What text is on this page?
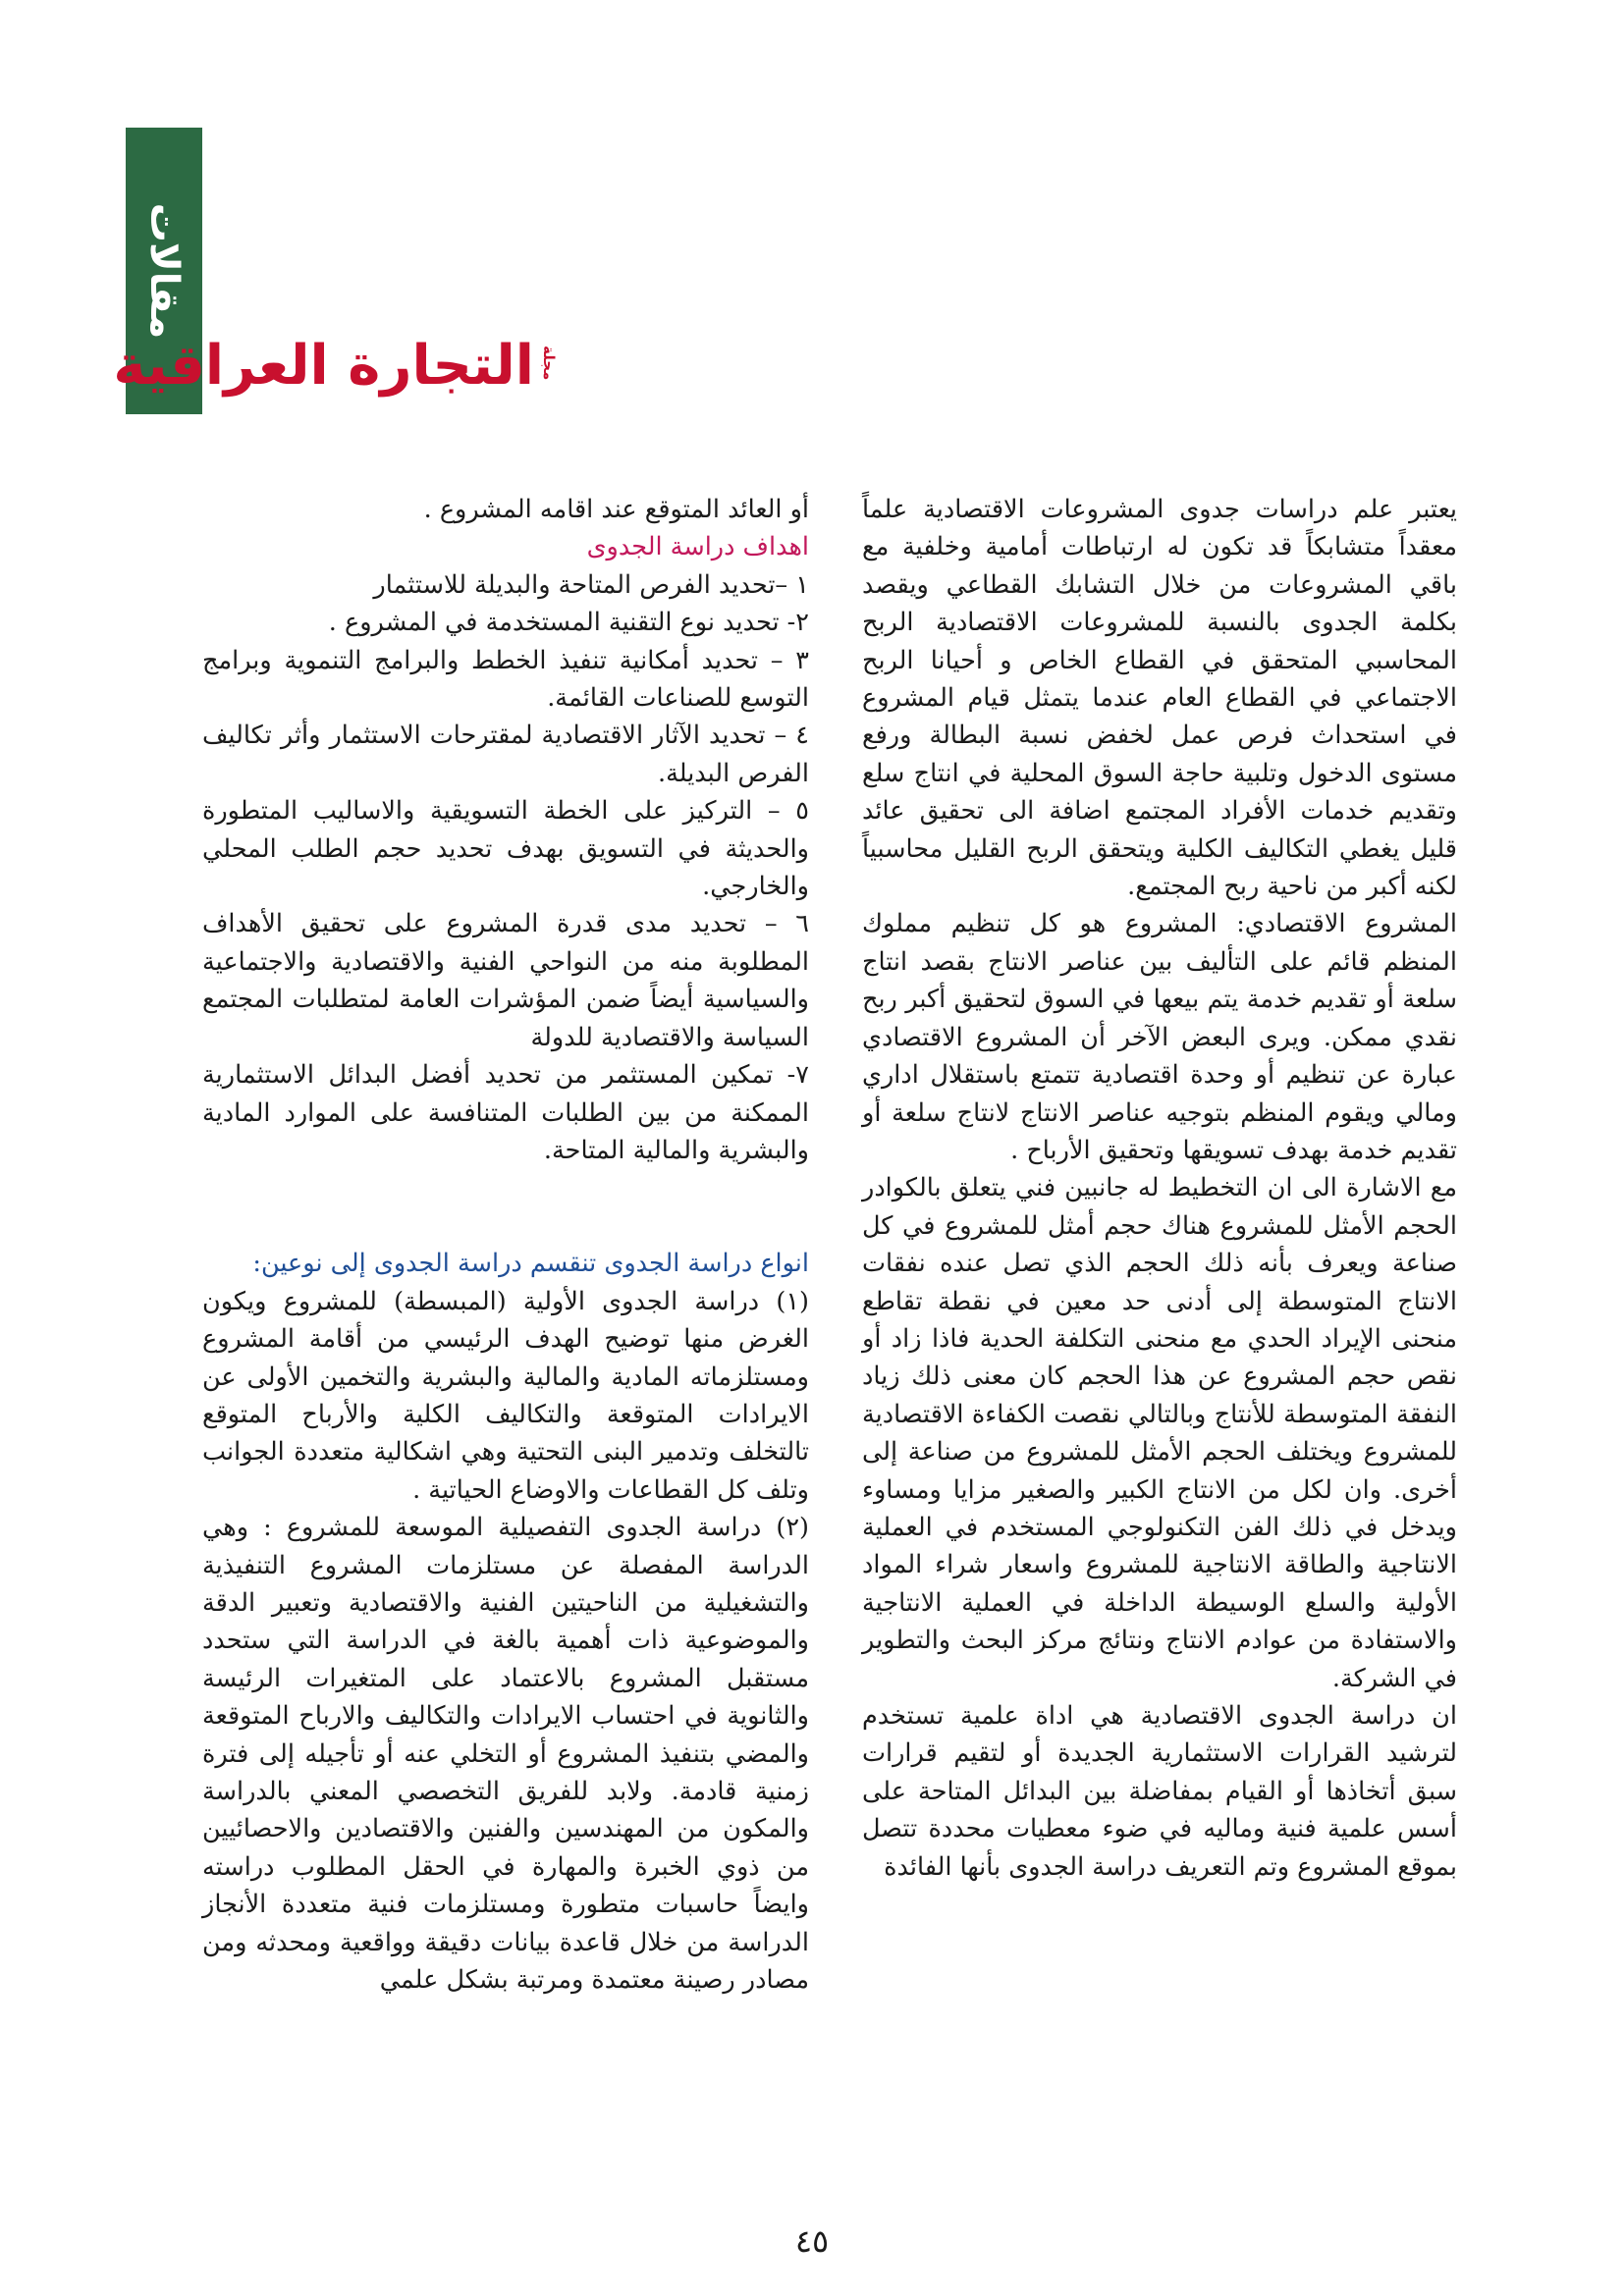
مقالات
مجلة
التجارة العراقية

يعتبر علم دراسات جدوى المشروعات الاقتصادية علماً معقداً متشابكاً قد تكون له ارتباطات أمامية وخلفية مع باقي المشروعات من خلال التشابك القطاعي ويقصد بكلمة الجدوى بالنسبة للمشروعات الاقتصادية الربح المحاسبي المتحقق في القطاع الخاص و أحيانا الربح الاجتماعي في القطاع العام عندما يتمثل قيام المشروع في استحداث فرص عمل لخفض نسبة البطالة ورفع مستوى الدخول وتلبية حاجة السوق المحلية في انتاج سلع وتقديم خدمات الأفراد المجتمع اضافة الى تحقيق عائد قليل يغطي التكاليف الكلية ويتحقق الربح القليل محاسبياً لكنه أكبر من ناحية ربح المجتمع.

المشروع الاقتصادي: المشروع هو كل تنظيم مملوك المنظم قائم على التأليف بين عناصر الانتاج بقصد انتاج سلعة أو تقديم خدمة يتم بيعها في السوق لتحقيق أكبر ربح نقدي ممكن. ويرى البعض الآخر أن المشروع الاقتصادي عبارة عن تنظيم أو وحدة اقتصادية تتمتع باستقلال اداري ومالي ويقوم المنظم بتوجيه عناصر الانتاج لانتاج سلعة أو تقديم خدمة بهدف تسويقها وتحقيق الأرباح .

مع الاشارة الى ان التخطيط له جانبين فني يتعلق بالكوادر الحجم الأمثل للمشروع هناك حجم أمثل للمشروع في كل صناعة ويعرف بأنه ذلك الحجم الذي تصل عنده نفقات الانتاج المتوسطة إلى أدنى حد معين في نقطة تقاطع منحنى الإيراد الحدي مع منحنى التكلفة الحدية فاذا زاد أو نقص حجم المشروع عن هذا الحجم كان معنى ذلك زياد النفقة المتوسطة للأنتاج وبالتالي نقصت الكفاءة الاقتصادية للمشروع ويختلف الحجم الأمثل للمشروع من صناعة إلى أخرى. وان لكل من الانتاج الكبير والصغير مزايا ومساوء ويدخل في ذلك الفن التكنولوجي المستخدم في العملية الانتاجية والطاقة الانتاجية للمشروع واسعار شراء المواد الأولية والسلع الوسيطة الداخلة في العملية الانتاجية والاستفادة من عوادم الانتاج ونتائج مركز البحث والتطوير في الشركة.

ان دراسة الجدوى الاقتصادية هي اداة علمية تستخدم لترشيد القرارات الاستثمارية الجديدة أو لتقيم قرارات سبق أتخاذها أو القيام بمفاضلة بين البدائل المتاحة على أسس علمية فنية وماليه في ضوء معطيات محددة تتصل بموقع المشروع وتم التعريف دراسة الجدوى بأنها الفائدة

أو العائد المتوقع عند اقامه المشروع .

اهداف دراسة الجدوى

١ –تحديد الفرص المتاحة والبديلة للاستثمار

٢- تحديد نوع التقنية المستخدمة في المشروع .

٣ – تحديد أمكانية تنفيذ الخطط والبرامج التنموية وبرامج التوسع للصناعات القائمة.

٤ – تحديد الآثار الاقتصادية لمقترحات الاستثمار وأثر تكاليف الفرص البديلة.

٥ – التركيز على الخطة التسويقية والاساليب المتطورة والحديثة في التسويق بهدف تحديد حجم الطلب المحلي والخارجي.

٦ – تحديد مدى قدرة المشروع على تحقيق الأهداف المطلوبة منه من النواحي الفنية والاقتصادية والاجتماعية والسياسية أيضاً ضمن المؤشرات العامة لمتطلبات المجتمع السياسة والاقتصادية للدولة

٧- تمكين المستثمر من تحديد أفضل البدائل الاستثمارية الممكنة من بين الطلبات المتنافسة على الموارد المادية والبشرية والمالية المتاحة.

انواع دراسة الجدوى تنقسم دراسة الجدوى إلى نوعين:

(١) دراسة الجدوى الأولية (المبسطة) للمشروع ويكون الغرض منها توضيح الهدف الرئيسي من أقامة المشروع ومستلزماته المادية والمالية والبشرية والتخمين الأولى عن الايرادات المتوقعة والتكاليف الكلية والأرباح المتوقع تالتخلف وتدمير البنى التحتية وهي اشكالية متعددة الجوانب وتلف كل القطاعات والاوضاع الحياتية .

(٢) دراسة الجدوى التفصيلية الموسعة للمشروع : وهي الدراسة المفصلة عن مستلزمات المشروع التنفيذية والتشغيلية من الناحيتين الفنية والاقتصادية وتعبير الدقة والموضوعية ذات أهمية بالغة في الدراسة التي ستحدد مستقبل المشروع بالاعتماد على المتغيرات الرئيسة والثانوية في احتساب الايرادات والتكاليف والارباح المتوقعة والمضي بتنفيذ المشروع أو التخلي عنه أو تأجيله إلى فترة زمنية قادمة. ولابد للفريق التخصصي المعني بالدراسة والمكون من المهندسين والفنين والاقتصادين والاحصائيين من ذوي الخبرة والمهارة في الحقل المطلوب دراسته وايضاً حاسبات متطورة ومستلزمات فنية متعددة الأنجاز الدراسة من خلال قاعدة بيانات دقيقة وواقعية ومحدثه ومن مصادر رصينة معتمدة ومرتبة بشكل علمي

٤٥
